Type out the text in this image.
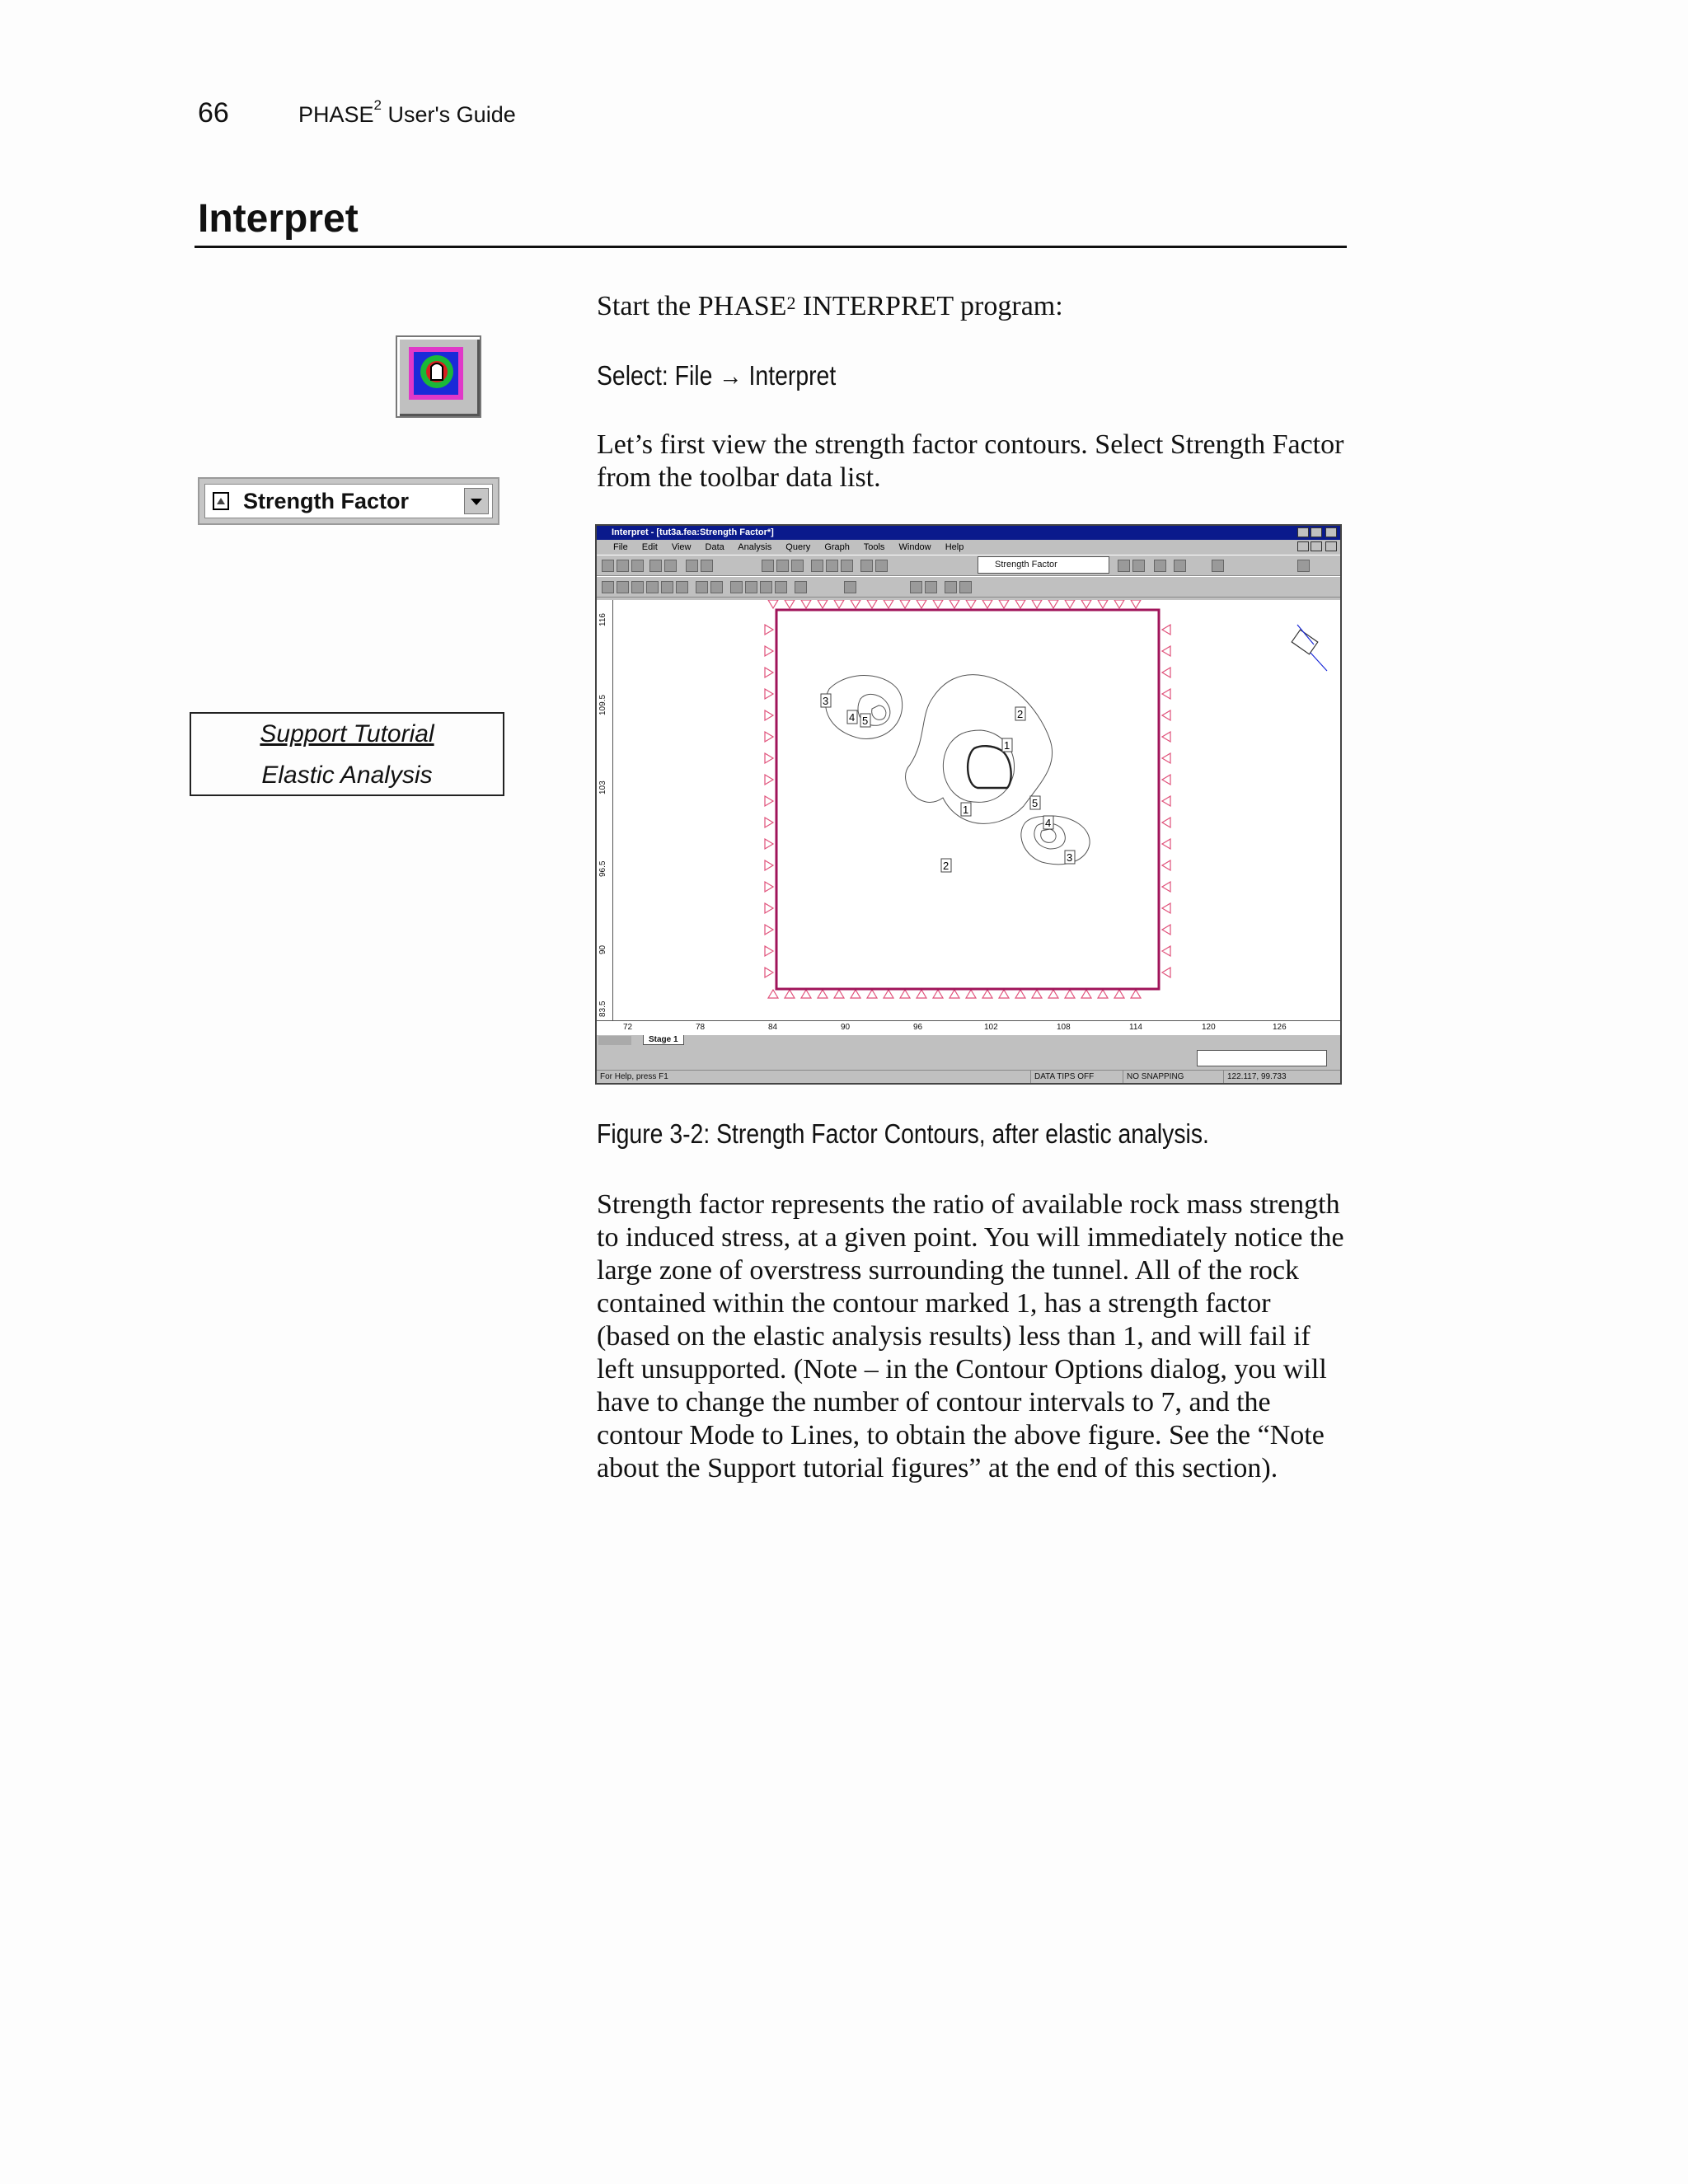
66	PHASE$^2$ User's Guide
Interpret
Start the PHASE$^2$ INTERPRET program:
Select: File → Interpret
Let’s first view the strength factor contours. Select Strength Factor from the toolbar data list.
Strength Factor
Support Tutorial
Elastic Analysis
Interpret - [tut3a.fea:Strength Factor*]
File Edit View Data Analysis Query Graph Tools Window Help
Strength Factor
116
109.5
103
96.5
90
83.5
3
4 5
2
1
1
5
4
3
2
72	78	84	90	96	102	108	114	120	126
Stage 1
For Help, press F1	DATA TIPS OFF	NO SNAPPING	122.117, 99.733
Figure 3-2: Strength Factor Contours, after elastic analysis.
Strength factor represents the ratio of available rock mass strength to induced stress, at a given point. You will immediately notice the large zone of overstress surrounding the tunnel. All of the rock contained within the contour marked 1, has a strength factor (based on the elastic analysis results) less than 1, and will fail if left unsupported. (Note – in the Contour Options dialog, you will have to change the number of contour intervals to 7, and the contour Mode to Lines, to obtain the above figure. See the “Note about the Support tutorial figures” at the end of this section).
